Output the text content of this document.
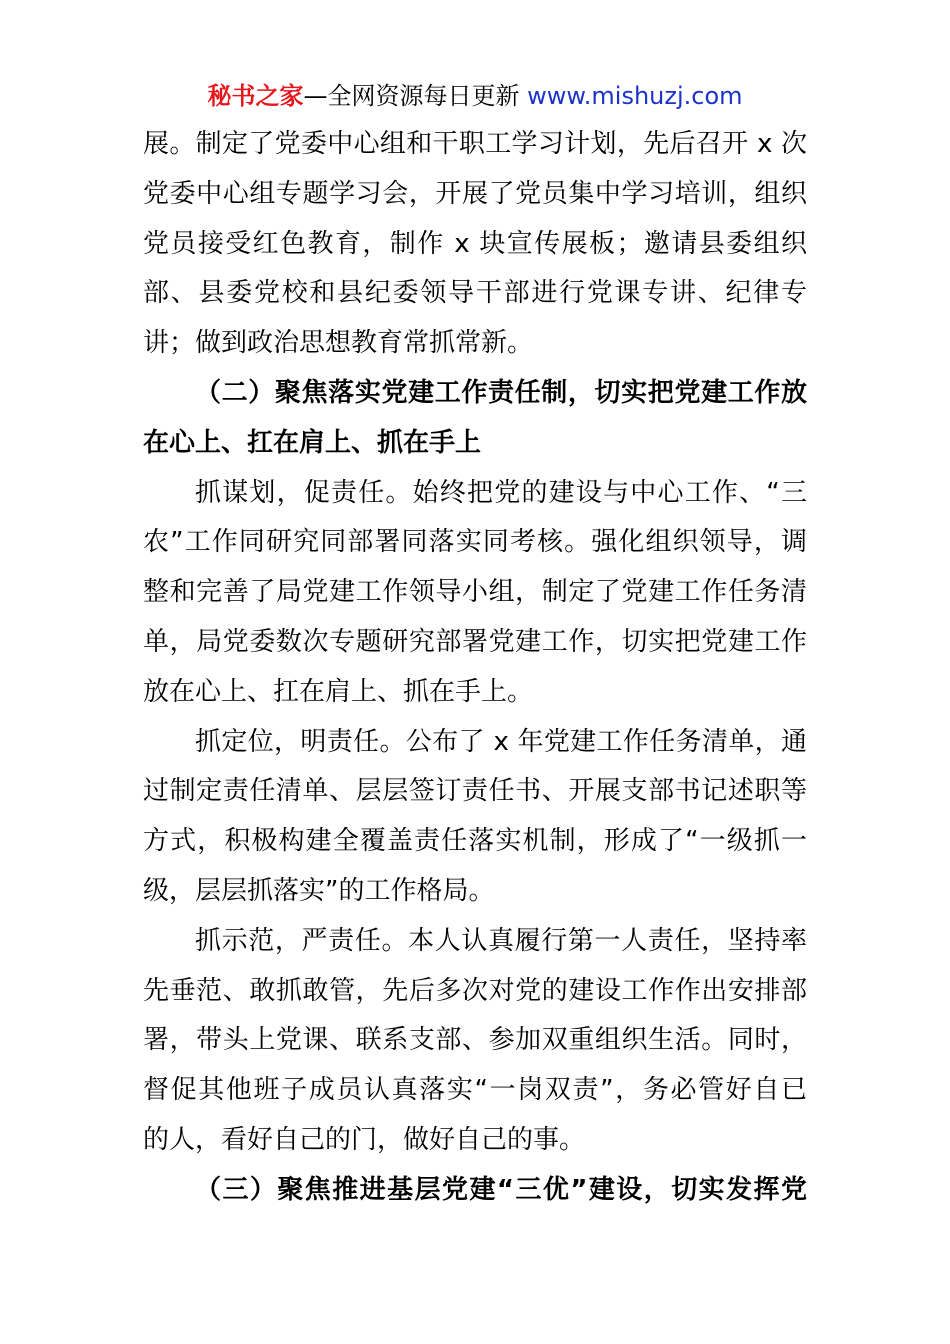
秘书之家—全网资源每日更新 www.mishuzj.com
展。制定了党委中心组和干职工学习计划，先后召开 x 次
党委中心组专题学习会，开展了党员集中学习培训，组织
党员接受红色教育，制作 x 块宣传展板；邀请县委组织
部、县委党校和县纪委领导干部进行党课专讲、纪律专
讲；做到政治思想教育常抓常新。
（二）聚焦落实党建工作责任制，切实把党建工作放
在心上、扛在肩上、抓在手上
抓谋划，促责任。始终把党的建设与中心工作、“三
农”工作同研究同部署同落实同考核。强化组织领导，调
整和完善了局党建工作领导小组，制定了党建工作任务清
单，局党委数次专题研究部署党建工作，切实把党建工作
放在心上、扛在肩上、抓在手上。
抓定位，明责任。公布了 x 年党建工作任务清单，通
过制定责任清单、层层签订责任书、开展支部书记述职等
方式，积极构建全覆盖责任落实机制，形成了“一级抓一
级，层层抓落实”的工作格局。
抓示范，严责任。本人认真履行第一人责任，坚持率
先垂范、敢抓敢管，先后多次对党的建设工作作出安排部
署，带头上党课、联系支部、参加双重组织生活。同时，
督促其他班子成员认真落实“一岗双责”，务必管好自已
的人，看好自己的门，做好自己的事。
（三）聚焦推进基层党建“三优”建设，切实发挥党
